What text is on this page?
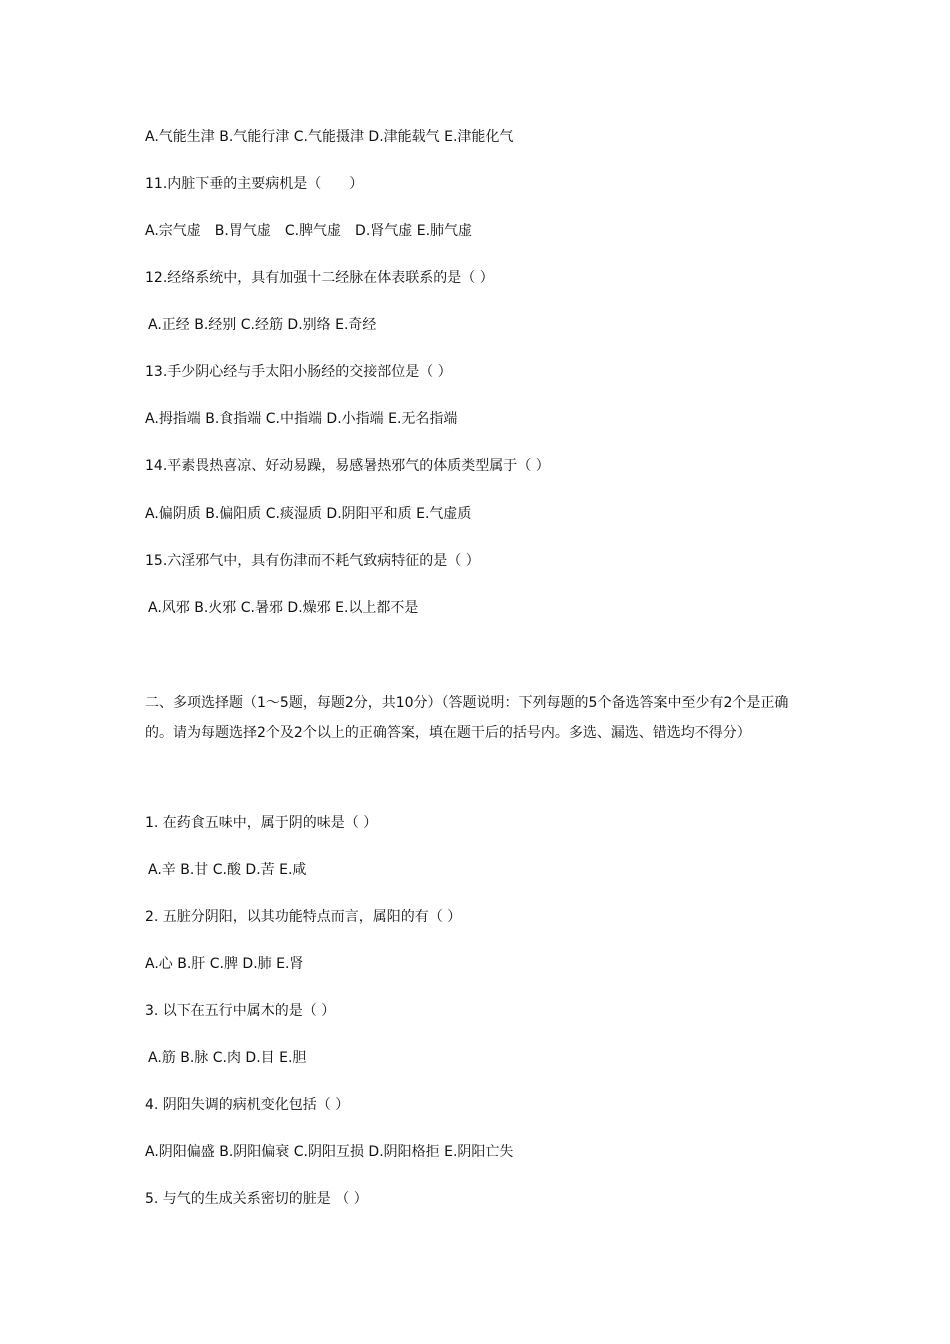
A.气能生津 B.气能行津 C.气能摄津 D.津能载气 E.津能化气
11.内脏下垂的主要病机是（　　）
A.宗气虚　B.胃气虚　C.脾气虚　D.肾气虚 E.肺气虚
12.经络系统中，具有加强十二经脉在体表联系的是（ ）
A.正经 B.经别 C.经筋 D.别络 E.奇经
13.手少阴心经与手太阳小肠经的交接部位是（ ）
A.拇指端 B.食指端 C.中指端 D.小指端 E.无名指端
14.平素畏热喜凉、好动易躁，易感暑热邪气的体质类型属于（ ）
A.偏阴质 B.偏阳质 C.痰湿质 D.阴阳平和质 E.气虚质
15.六淫邪气中，具有伤津而不耗气致病特征的是（ ）
A.风邪 B.火邪 C.暑邪 D.燥邪 E.以上都不是
二、多项选择题（1～5题，每题2分，共10分）（答题说明：下列每题的5个备选答案中至少有2个是正确的。请为每题选择2个及2个以上的正确答案，填在题干后的括号内。多选、漏选、错选均不得分）
1. 在药食五味中，属于阴的味是（ ）
A.辛 B.甘 C.酸 D.苦 E.咸
2. 五脏分阴阳，以其功能特点而言，属阳的有（ ）
A.心 B.肝 C.脾 D.肺 E.肾
3. 以下在五行中属木的是（ ）
A.筋 B.脉 C.肉 D.目 E.胆
4. 阴阳失调的病机变化包括（ ）
A.阴阳偏盛 B.阴阳偏衰 C.阴阳互损 D.阴阳格拒 E.阴阳亡失
5. 与气的生成关系密切的脏是 （ ）
